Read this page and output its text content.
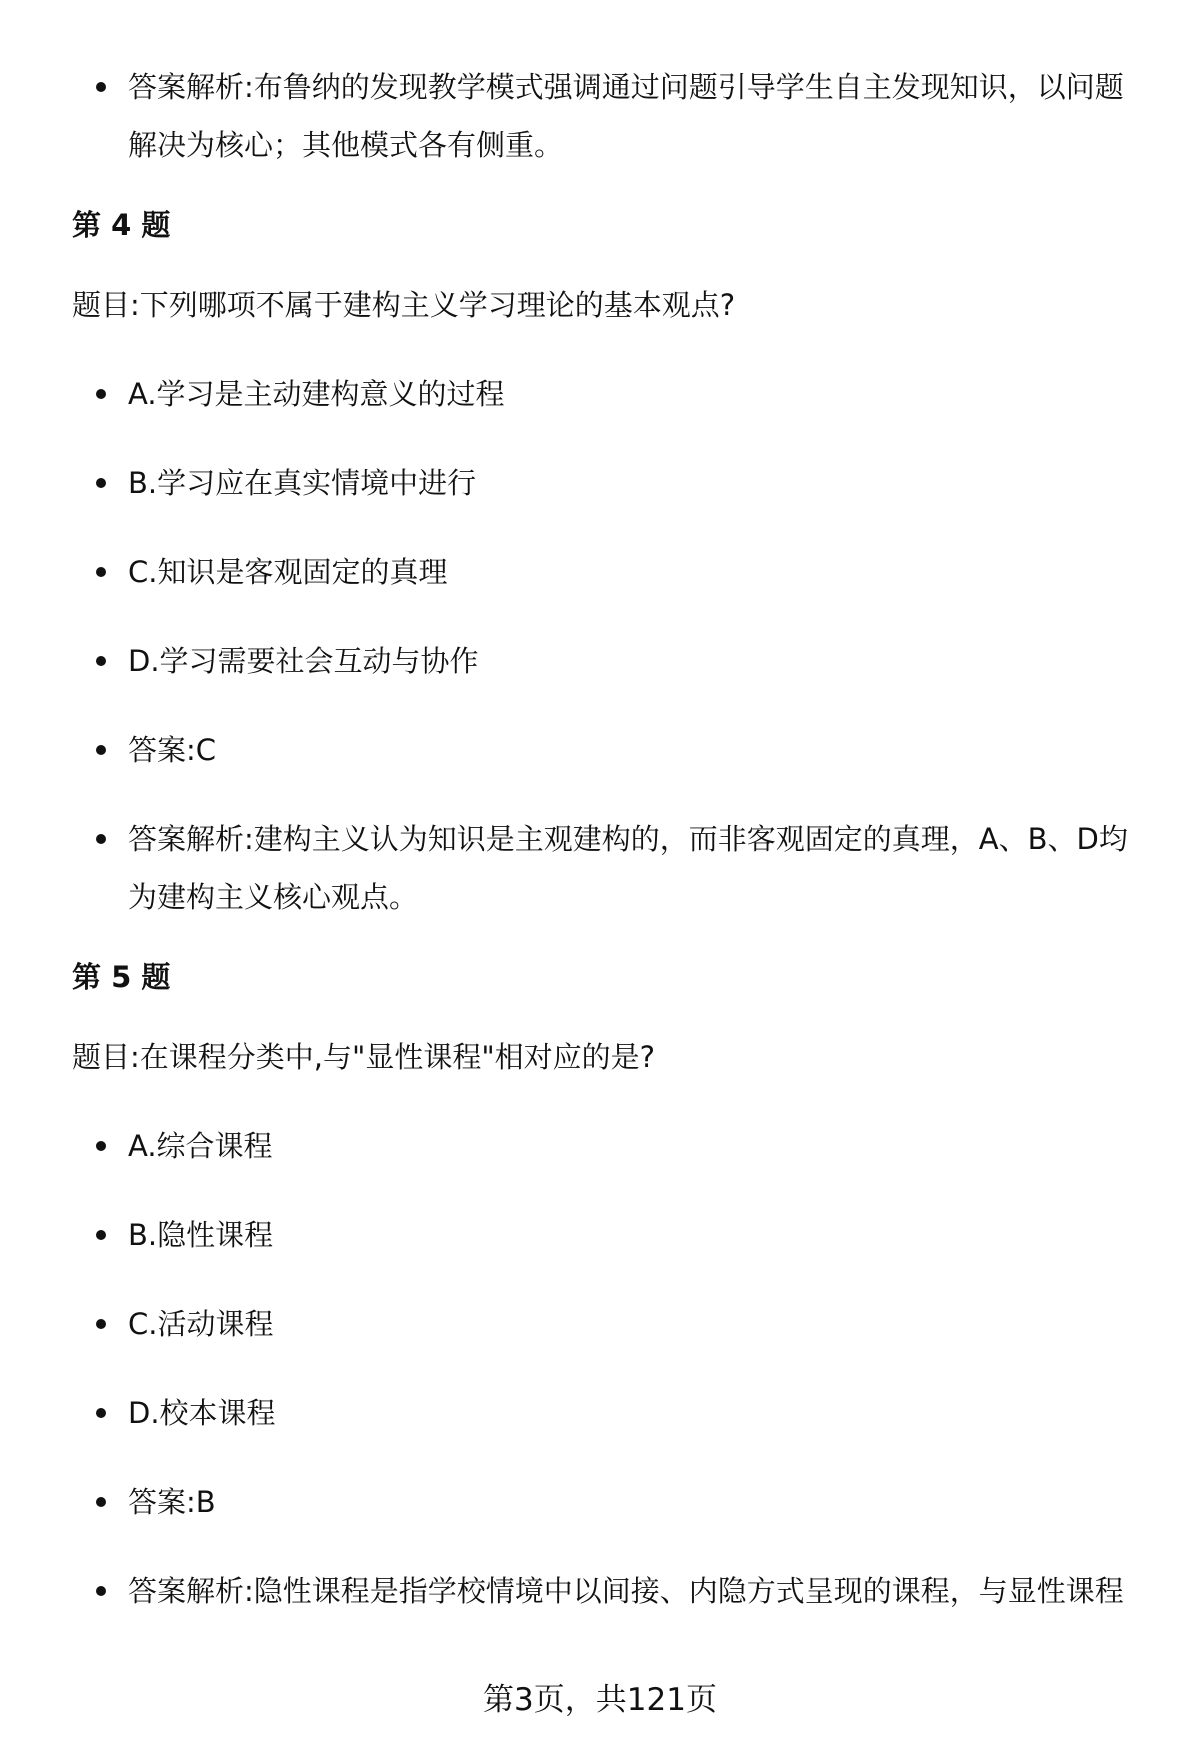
答案解析:布鲁纳的发现教学模式强调通过问题引导学生自主发现知识，以问题解决为核心；其他模式各有侧重。
第 4 题
题目:下列哪项不属于建构主义学习理论的基本观点?
A.学习是主动建构意义的过程
B.学习应在真实情境中进行
C.知识是客观固定的真理
D.学习需要社会互动与协作
答案:C
答案解析:建构主义认为知识是主观建构的，而非客观固定的真理，A、B、D均为建构主义核心观点。
第 5 题
题目:在课程分类中,与"显性课程"相对应的是?
A.综合课程
B.隐性课程
C.活动课程
D.校本课程
答案:B
答案解析:隐性课程是指学校情境中以间接、内隐方式呈现的课程，与显性课程
第3页，共121页
